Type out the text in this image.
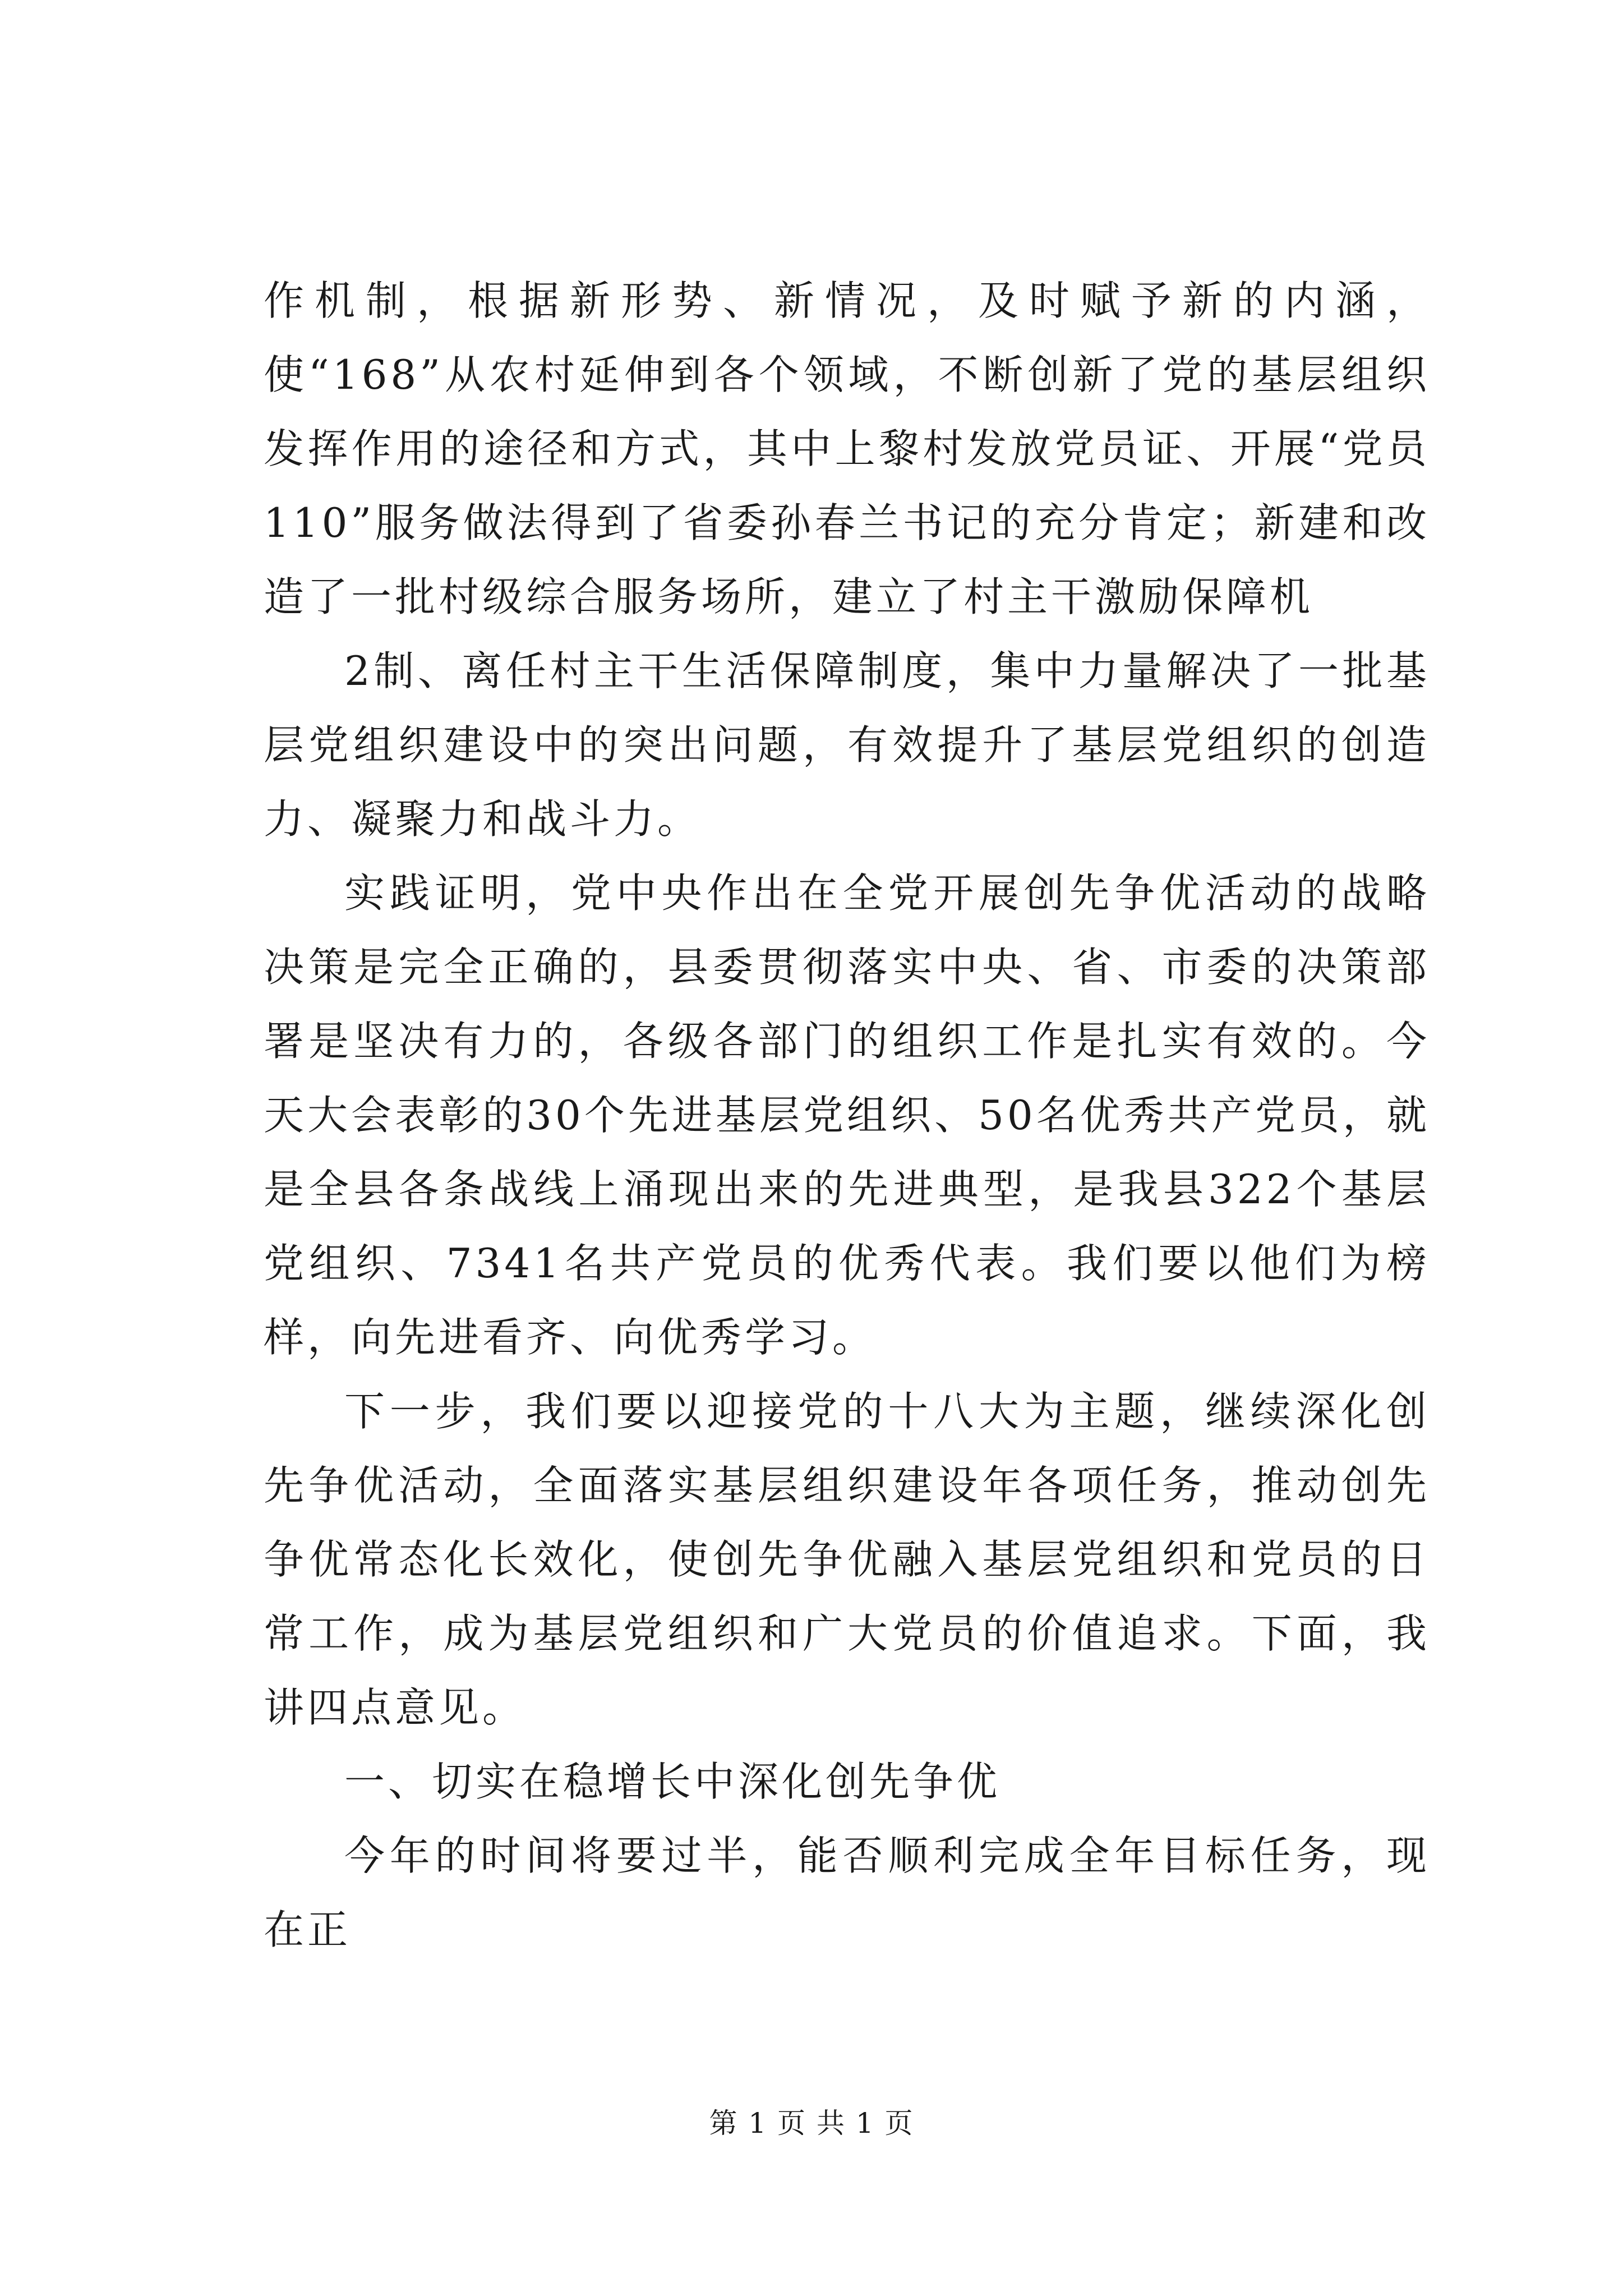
作机制，根据新形势、新情况，及时赋予新的内涵，使“168”从农村延伸到各个领域，不断创新了党的基层组织发挥作用的途径和方式，其中上黎村发放党员证、开展“党员110”服务做法得到了省委孙春兰书记的充分肯定；新建和改造了一批村级综合服务场所，建立了村主干激励保障机

2制、离任村主干生活保障制度，集中力量解决了一批基层党组织建设中的突出问题，有效提升了基层党组织的创造力、凝聚力和战斗力。

实践证明，党中央作出在全党开展创先争优活动的战略决策是完全正确的，县委贯彻落实中央、省、市委的决策部署是坚决有力的，各级各部门的组织工作是扎实有效的。今天大会表彰的30个先进基层党组织、50名优秀共产党员，就是全县各条战线上涌现出来的先进典型，是我县322个基层党组织、7341名共产党员的优秀代表。我们要以他们为榜样，向先进看齐、向优秀学习。

下一步，我们要以迎接党的十八大为主题，继续深化创先争优活动，全面落实基层组织建设年各项任务，推动创先争优常态化长效化，使创先争优融入基层党组织和党员的日常工作，成为基层党组织和广大党员的价值追求。下面，我讲四点意见。

一、切实在稳增长中深化创先争优

今年的时间将要过半，能否顺利完成全年目标任务，现在正

第 1 页 共 1 页
